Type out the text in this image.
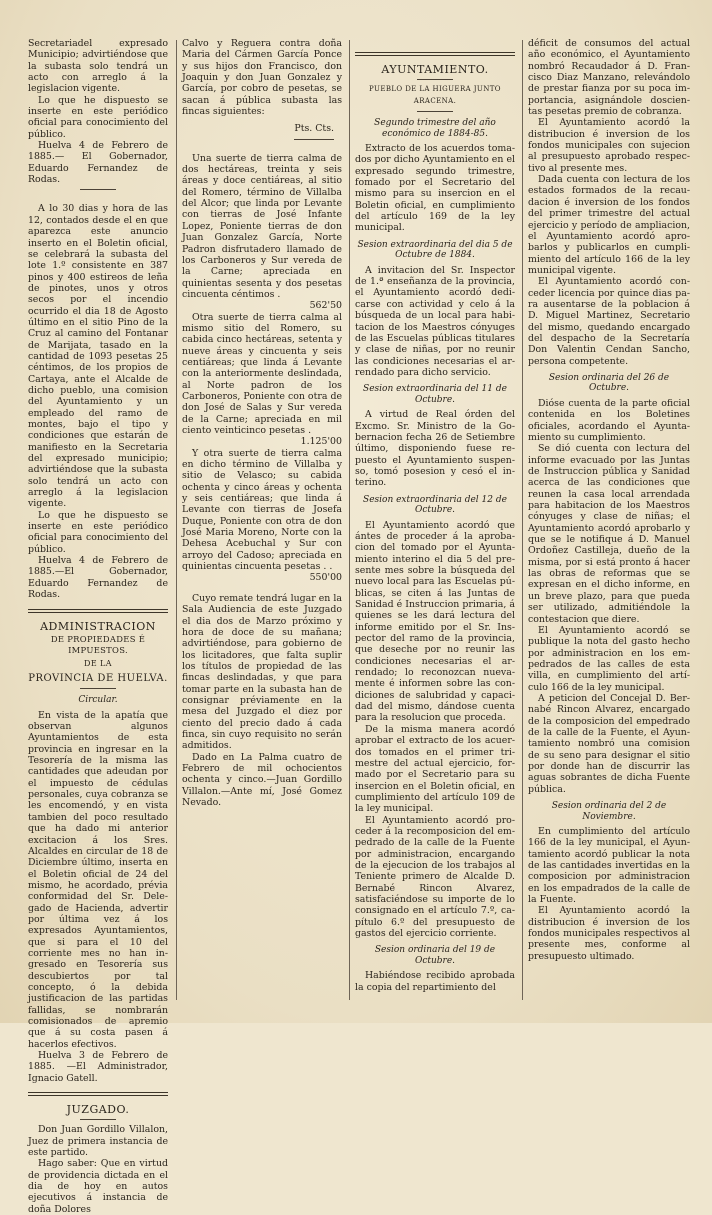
Secretariadel expresado Municipio; advirtiéndose que la subasta solo tendrá un acto con arreglo á la legislacion vigente.

Lo que he dispuesto se inserte en este periódico oficial para conocimiento del público.

Huelva 4 de Febrero de 1885.— El Gobernador, Eduardo Fernandez de Rodas.

A lo 30 dias y hora de las 12, contados desde el en que aparezca este anuncio inserto en el Boletin oficial, se celebrará la subasta del lote 1.º consistente en 387 pinos y 400 estireos de leña de pinotes, unos y otros secos por el incendio ocurrido el dia 18 de Agosto último en el sitio Pino de la Cruz al camino del Fontanar de Marijata, tasado en la cantidad de 1093 pesetas 25 céntimos, de los propios de Cartaya, ante el Alcalde de dicho pueblo, una comision del Ayuntamiento y un empleado del ramo de montes, bajo el tipo y condiciones que estarán de manifiesto en la Secretaria del expresado municipio; advirtiéndose que la subasta solo tendrá un acto con arreglo á la legislacion vigente.

Lo que he dispuesto se inserte en este periódico oficial para conocimiento del público.

Huelva 4 de Febrero de 1885.—El Gobernador, Eduardo Fernandez de Rodas.

ADMINISTRACION

DE PROPIEDADES É IMPUESTOS.

DE LA

PROVINCIA DE HUELVA.

Circular.

En vista de la apatía que observan algunos Ayuntamientos de esta provincia en ingresar en la Tesorería de la misma las cantidades que adeudan por el impuesto de cédulas personales, cuya cobranza se les encomendó, y en vista tambien del poco resultado que ha dado mi anterior excitacion á los Sres. Alcaldes en circular de 18 de Diciembre último, inserta en el Boletin oficial de 24 del mismo, he acordado, prévia conformidad del Sr. Delegado de Hacienda, advertir por última vez á los expresados Ayuntamientos, que si para el 10 del corriente mes no han ingresado en Tesorería sus descubiertos por tal concepto, ó la debida justificacion de las partidas fallidas, se nombrarán comisionados de apremio que á su costa pasen á hacerlos efectivos.

Huelva 3 de Febrero de 1885. —El Administrador, Ignacio Gatell.

JUZGADO.

Don Juan Gordillo Villalon, Juez de primera instancia de este partido.

Hago saber: Que en virtud de providencia dictada en el dia de hoy en autos ejecutivos á instancia de doña Dolores

Calvo y Reguera contra doña Maria del Cármen García Ponce y sus hijos don Francisco, don Joaquin y don Juan Gonzalez y García, por cobro de pesetas, se sacan á pública subasta las fincas siguientes:

Pts. Cts.

Una suerte de tierra calma de dos hectáreas, treinta y seis áreas y doce centiáreas, al sitio del Romero, término de Villalba del Alcor; que linda por Levante con tierras de José Infante Lopez, Poniente tierras de don Juan Gonzalez García, Norte Padron disfrutadero llamado de los Carboneros y Sur vereda de la Carne; apreciada en quinientas sesenta y dos pesetas cincuenta céntimos .

562'50

Otra suerte de tierra calma al mismo sitio del Romero, su cabida cinco hectáreas, setenta y nueve áreas y cincuenta y seis centiáreas; que linda á Levante con la anteriormente deslindada, al Norte padron de los Carboneros, Poniente con otra de don José de Salas y Sur vereda de la Carne; apreciada en mil ciento veinticinco pesetas .

1.125'00

Y otra suerte de tierra calma en dicho término de Villalba y sitio de Velasco; su cabida ochenta y cinco áreas y ochenta y seis centiáreas; que linda á Levante con tierras de Josefa Duque, Poniente con otra de don José Maria Moreno, Norte con la Dehesa Acebuchal y Sur con arroyo del Cadoso; apreciada en quinientas cincuenta pesetas . .

550'00

Cuyo remate tendrá lugar en la Sala Audiencia de este Juzgado el dia dos de Marzo próximo y hora de doce de su mañana; advirtiéndose, para gobierno de los licitadores, que falta suplir los títulos de propiedad de las fincas deslindadas, y que para tomar parte en la subasta han de consignar préviamente en la mesa del Juzgado el diez por ciento del precio dado á cada finca, sin cuyo requisito no serán admitidos.

Dado en La Palma cuatro de Febrero de mil ochocientos ochenta y cinco.—Juan Gordillo Villalon.—Ante mí, José Gomez Nevado.

AYUNTAMIENTO.

PUEBLO DE LA HIGUERA JUNTO ARACENA.

Segundo trimestre del año económico de 1884-85.

Extracto de los acuerdos tomados por dicho Ayuntamiento en el expresado segundo trimestre, fomado por el Secretario del mismo para su insercion en el Boletin oficial, en cumplimiento del artículo 169 de la ley municipal.

Sesion extraordinaria del dia 5 de Octubre de 1884.

A invitacion del Sr. Inspector de 1.ª enseñanza de la provincia, el Ayuntamiento acordó dedicarse con actividad y celo á la búsqueda de un local para habitacion de los Maestros cónyuges de las Escuelas públicas titulares y clase de niñas, por no reunir las condiciones necesarias el arrendado para dicho servicio.

Sesion extraordinaria del 11 de Octubre.

A virtud de Real órden del Excmo. Sr. Ministro de la Gobernacion fecha 26 de Setiembre último, disponiendo fuese repuesto el Ayuntamiento suspenso, tomó posesion y cesó el interino.

Sesion extraordinaria del 12 de Octubre.

El Ayuntamiento acordó que ántes de proceder á la aprobacion del tomado por el Ayuntamiento interino el dia 5 del presente mes sobre la búsqueda del nuevo local para las Escuelas públicas, se citen á las Juntas de Sanidad é Instruccion primaria, á quienes se les dará lectura del informe emitido por el Sr. Inspector del ramo de la provincia, que deseche por no reunir las condiciones necesarias el arrendado; lo reconozcan nuevamente é informen sobre las condiciones de salubridad y capacidad del mismo, dándose cuenta para la resolucion que proceda.

De la misma manera acordó aprobar el extracto de los acuerdos tomados en el primer trimestre del actual ejercicio, formado por el Secretario para su insercion en el Boletin oficial, en cumplimiento del artículo 109 de la ley municipal.

El Ayuntamiento acordó proceder á la recomposicion del empedrado de la calle de la Fuente por administracion, encargando de la ejecucion de los trabajos al Teniente primero de Alcalde D. Bernabé Rincon Alvarez, satisfaciéndose su importe de lo consignado en el artículo 7.º, capítulo 6.º del presupuesto de gastos del ejercicio corriente.

Sesion ordinaria del 19 de Octubre.

Habiéndose recibido aprobada la copia del repartimiento del

déficit de consumos del actual año económico, el Ayuntamiento nombró Recaudador á D. Francisco Diaz Manzano, relevándolo de prestar fianza por su poca importancia, asignándole doscientas pesetas premio de cobranza.

El Ayuntamiento acordó la distribucion é inversion de los fondos municipales con sujecion al presupuesto aprobado respectivo al presente mes.

Dada cuenta con lectura de los estados formados de la recaudacion é inversion de los fondos del primer trimestre del actual ejercicio y período de ampliacion, el Ayuntamiento acordó aprobarlos y publicarlos en cumplimiento del artículo 166 de la ley municipal vigente.

El Ayuntamiento acordó conceder licencia por quince dias para ausentarse de la poblacion á D. Miguel Martinez, Secretario del mismo, quedando encargado del despacho de la Secretaría Don Valentin Cendan Sancho, persona competente.

Sesion ordinaria del 26 de Octubre.

Dióse cuenta de la parte oficial contenida en los Boletines oficiales, acordando el Ayuntamiento su cumplimiento.

Se dió cuenta con lectura del informe evacuado por las Juntas de Instruccion pública y Sanidad acerca de las condiciones que reunen la casa local arrendada para habitacion de los Maestros cónyuges y clase de niñas; el Ayuntamiento acordó aprobarlo y que se le notifique á D. Manuel Ordoñez Castilleja, dueño de la misma, por si está pronto á hacer las obras de reformas que se expresan en el dicho informe, en un breve plazo, para que pueda ser utilizado, admitiéndole la contestacion que diere.

El Ayuntamiento acordó se publique la nota del gasto hecho por administracion en los empedrados de las calles de esta villa, en cumplimiento del artículo 166 de la ley municipal.

A peticion del Concejal D. Bernabé Rincon Alvarez, encargado de la composicion del empedrado de la calle de la Fuente, el Ayuntamiento nombró una comision de su seno para designar el sitio por donde han de discurrir las aguas sobrantes de dicha Fuente pública.

Sesion ordinaria del 2 de Noviembre.

En cumplimiento del artículo 166 de la ley municipal, el Ayuntamiento acordó publicar la nota de las cantidades invertidas en la composicion por administracion en los empadrados de la calle de la Fuente.

El Ayuntamiento acordó la distribucion é inversion de los fondos municipales respectivos al presente mes, conforme al presupuesto ultimado.
